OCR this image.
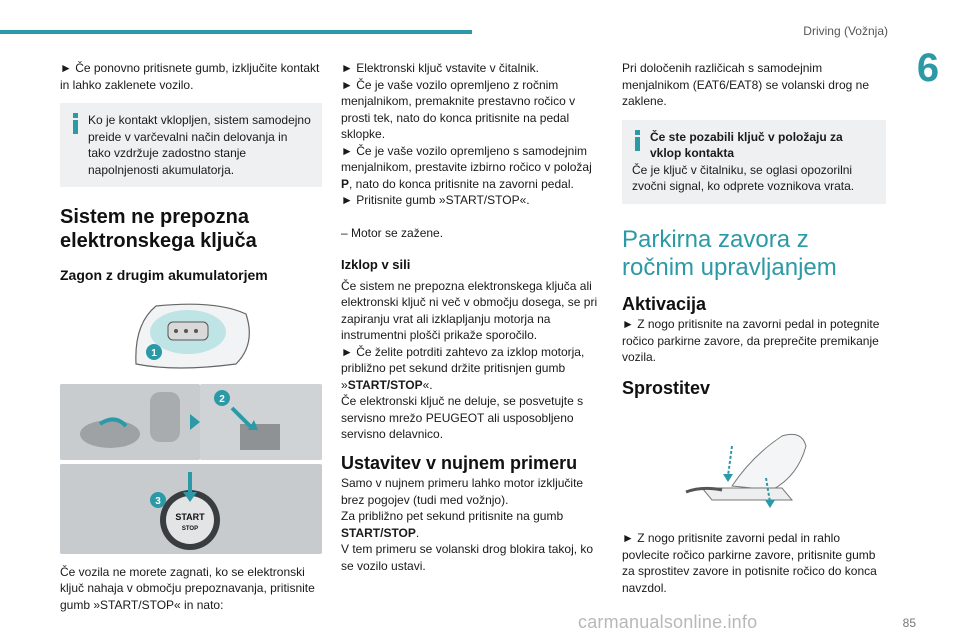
Driving (Vožnja)
6

► Če ponovno pritisnete gumb, izključite kontakt in lahko zaklenete vozilo.

Ko je kontakt vklopljen, sistem samodejno preide v varčevalni način delovanja in tako vzdržuje zadostno stanje napolnjenosti akumulatorja.

Sistem ne prepozna elektronskega ključa
Zagon z drugim akumulatorjem
1
2
START
STOP
3

Če vozila ne morete zagnati, ko se elektronski ključ nahaja v območju prepoznavanja, pritisnite gumb »START/STOP« in nato:

► Elektronski ključ vstavite v čitalnik.

► Če je vaše vozilo opremljeno z ročnim menjalnikom, premaknite prestavno ročico v prosti tek, nato do konca pritisnite na pedal sklopke.

► Če je vaše vozilo opremljeno s samodejnim menjalnikom, prestavite izbirno ročico v položaj P, nato do konca pritisnite na zavorni pedal.

► Pritisnite gumb »START/STOP«.

– Motor se zažene.

Izklop v sili

Če sistem ne prepozna elektronskega ključa ali elektronski ključ ni več v območju dosega, se pri zapiranju vrat ali izklapljanju motorja na instrumentni plošči prikaže sporočilo.

► Če želite potrditi zahtevo za izklop motorja, približno pet sekund držite pritisnjen gumb »START/STOP«.

Če elektronski ključ ne deluje, se posvetujte s servisno mrežo PEUGEOT ali usposobljeno servisno delavnico.

Ustavitev v nujnem primeru

Samo v nujnem primeru lahko motor izključite brez pogojev (tudi med vožnjo).

Za približno pet sekund pritisnite na gumb START/STOP.

V tem primeru se volanski drog blokira takoj, ko se vozilo ustavi.

Pri določenih različicah s samodejnim menjalnikom (EAT6/EAT8) se volanski drog ne zaklene.

Če ste pozabili ključ v položaju za vklop kontakta

Če je ključ v čitalniku, se oglasi opozorilni zvočni signal, ko odprete voznikova vrata.

Parkirna zavora z ročnim upravljanjem
Aktivacija

► Z nogo pritisnite na zavorni pedal in potegnite ročico parkirne zavore, da preprečite premikanje vozila.

Sprostitev

► Z nogo pritisnite zavorni pedal in rahlo povlecite ročico parkirne zavore, pritisnite gumb za sprostitev zavore in potisnite ročico do konca navzdol.

carmanualsonline.info	85
